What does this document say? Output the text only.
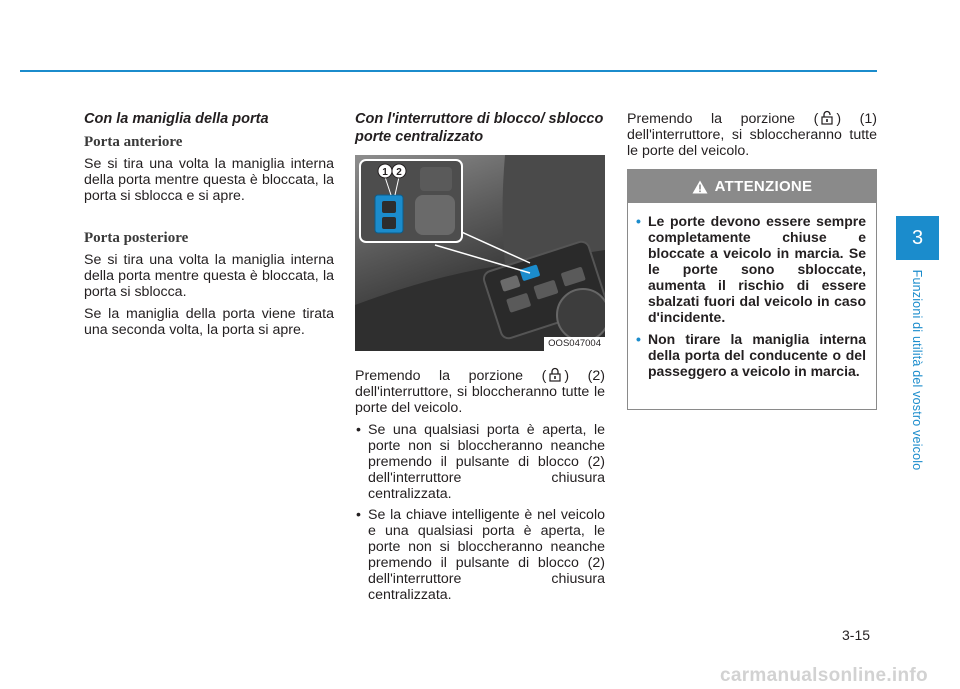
Con la maniglia della porta
Porta anteriore

Se si tira una volta la maniglia interna della porta mentre questa è bloccata, la porta si sblocca e si apre.

Porta posteriore

Se si tira una volta la maniglia interna della porta mentre questa è bloccata, la porta si sblocca.

Se la maniglia della porta viene tirata una seconda volta, la porta si apre.

Con l'interruttore di blocco/ sblocco porte centralizzato
1 2
OOS047004

Premendo la porzione ( ) (2) dell'interruttore, si bloccheranno tutte le porte del veicolo.

• Se una qualsiasi porta è aperta, le porte non si bloccheranno neanche premendo il pulsante di blocco (2) dell'interruttore chiusura centralizzata.
• Se la chiave intelligente è nel veicolo e una qualsiasi porta è aperta, le porte non si bloccheranno neanche premendo il pulsante di blocco (2) dell'interruttore chiusura centralizzata.

Premendo la porzione ( ) (1) dell'interruttore, si sbloccheranno tutte le porte del veicolo.

ATTENZIONE
• Le porte devono essere sempre completamente chiuse e bloccate a veicolo in marcia. Se le porte sono sbloccate, aumenta il rischio di essere sbalzati fuori dal veicolo in caso d'incidente.
• Non tirare la maniglia interna della porta del conducente o del passeggero a veicolo in marcia.
3
Funzioni di utilità del vostro veicolo
3-15
carmanualsonline.info
